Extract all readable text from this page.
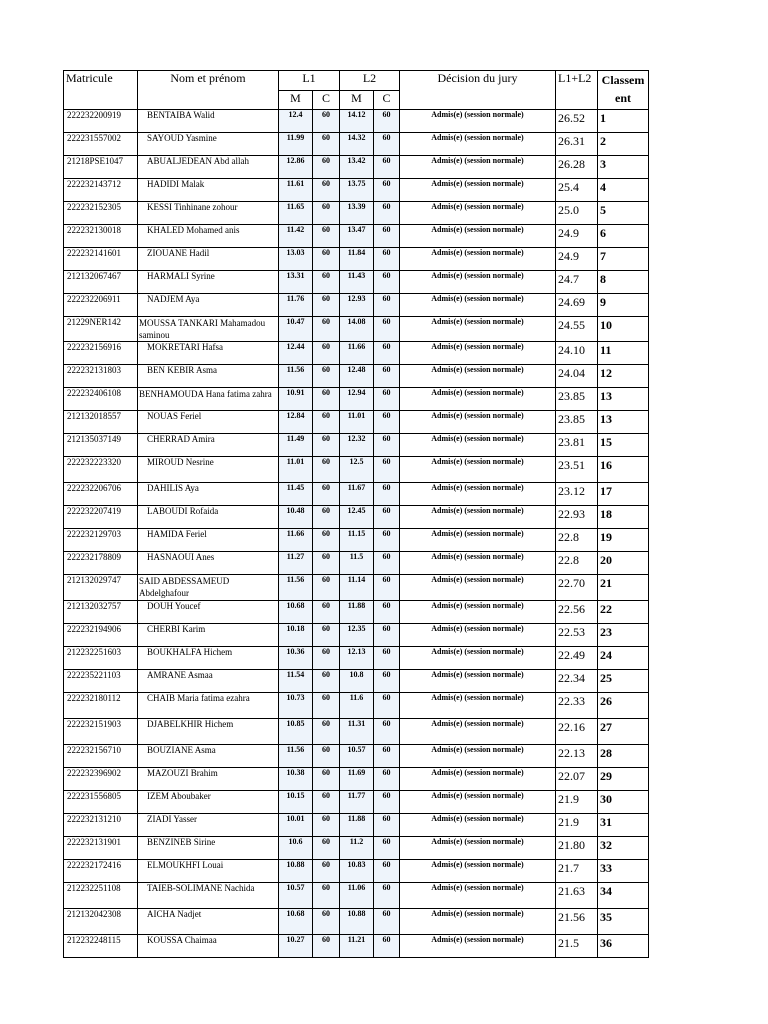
Matricule	Nom et prénom	L1		L2		Décision du jury	L1+L2	Classem ent
		M	C	M	C			
222232200919	BENTAIBA Walid	12.4	60	14.12	60	Admis(e) (session normale)	26.52	1
222231557002	SAYOUD Yasmine	11.99	60	14.32	60	Admis(e) (session normale)	26.31	2
21218PSE1047	ABUALJEDEAN Abd allah	12.86	60	13.42	60	Admis(e) (session normale)	26.28	3
222232143712	HADIDI Malak	11.61	60	13.75	60	Admis(e) (session normale)	25.4	4
222232152305	KESSI Tinhinane zohour	11.65	60	13.39	60	Admis(e) (session normale)	25.0	5
222232130018	KHALED Mohamed anis	11.42	60	13.47	60	Admis(e) (session normale)	24.9	6
222232141601	ZIOUANE Hadil	13.03	60	11.84	60	Admis(e) (session normale)	24.9	7
212132067467	HARMALI Syrine	13.31	60	11.43	60	Admis(e) (session normale)	24.7	8
222232206911	NADJEM Aya	11.76	60	12.93	60	Admis(e) (session normale)	24.69	9
21229NER142	MOUSSA TANKARI Mahamadou saminou	10.47	60	14.08	60	Admis(e) (session normale)	24.55	10
222232156916	MOKRETARI Hafsa	12.44	60	11.66	60	Admis(e) (session normale)	24.10	11
222232131803	BEN KEBIR Asma	11.56	60	12.48	60	Admis(e) (session normale)	24.04	12
222232406108	BENHAMOUDA Hana fatima zahra	10.91	60	12.94	60	Admis(e) (session normale)	23.85	13
212132018557	NOUAS Feriel	12.84	60	11.01	60	Admis(e) (session normale)	23.85	13
212135037149	CHERRAD Amira	11.49	60	12.32	60	Admis(e) (session normale)	23.81	15
222232223320	MIROUD Nesrine	11.01	60	12.5	60	Admis(e) (session normale)	23.51	16
222232206706	DAHILIS Aya	11.45	60	11.67	60	Admis(e) (session normale)	23.12	17
222232207419	LABOUDI Rofaida	10.48	60	12.45	60	Admis(e) (session normale)	22.93	18
222232129703	HAMIDA Feriel	11.66	60	11.15	60	Admis(e) (session normale)	22.8	19
222232178809	HASNAOUI Anes	11.27	60	11.5	60	Admis(e) (session normale)	22.8	20
212132029747	SAID ABDESSAMEUD Abdelghafour	11.56	60	11.14	60	Admis(e) (session normale)	22.70	21
212132032757	DOUH Youcef	10.68	60	11.88	60	Admis(e) (session normale)	22.56	22
222232194906	CHERBI Karim	10.18	60	12.35	60	Admis(e) (session normale)	22.53	23
212232251603	BOUKHALFA Hichem	10.36	60	12.13	60	Admis(e) (session normale)	22.49	24
222235221103	AMRANE Asmaa	11.54	60	10.8	60	Admis(e) (session normale)	22.34	25
222232180112	CHAIB Maria fatima ezahra	10.73	60	11.6	60	Admis(e) (session normale)	22.33	26
222232151903	DJABELKHIR Hichem	10.85	60	11.31	60	Admis(e) (session normale)	22.16	27
222232156710	BOUZIANE Asma	11.56	60	10.57	60	Admis(e) (session normale)	22.13	28
222232396902	MAZOUZI Brahim	10.38	60	11.69	60	Admis(e) (session normale)	22.07	29
222231556805	IZEM Aboubaker	10.15	60	11.77	60	Admis(e) (session normale)	21.9	30
222232131210	ZIADI Yasser	10.01	60	11.88	60	Admis(e) (session normale)	21.9	31
222232131901	BENZINEB Sirine	10.6	60	11.2	60	Admis(e) (session normale)	21.80	32
222232172416	ELMOUKHFI Louai	10.88	60	10.83	60	Admis(e) (session normale)	21.7	33
212232251108	TAIEB-SOLIMANE Nachida	10.57	60	11.06	60	Admis(e) (session normale)	21.63	34
212132042308	AICHA Nadjet	10.68	60	10.88	60	Admis(e) (session normale)	21.56	35
212232248115	KOUSSA Chaimaa	10.27	60	11.21	60	Admis(e) (session normale)	21.5	36
